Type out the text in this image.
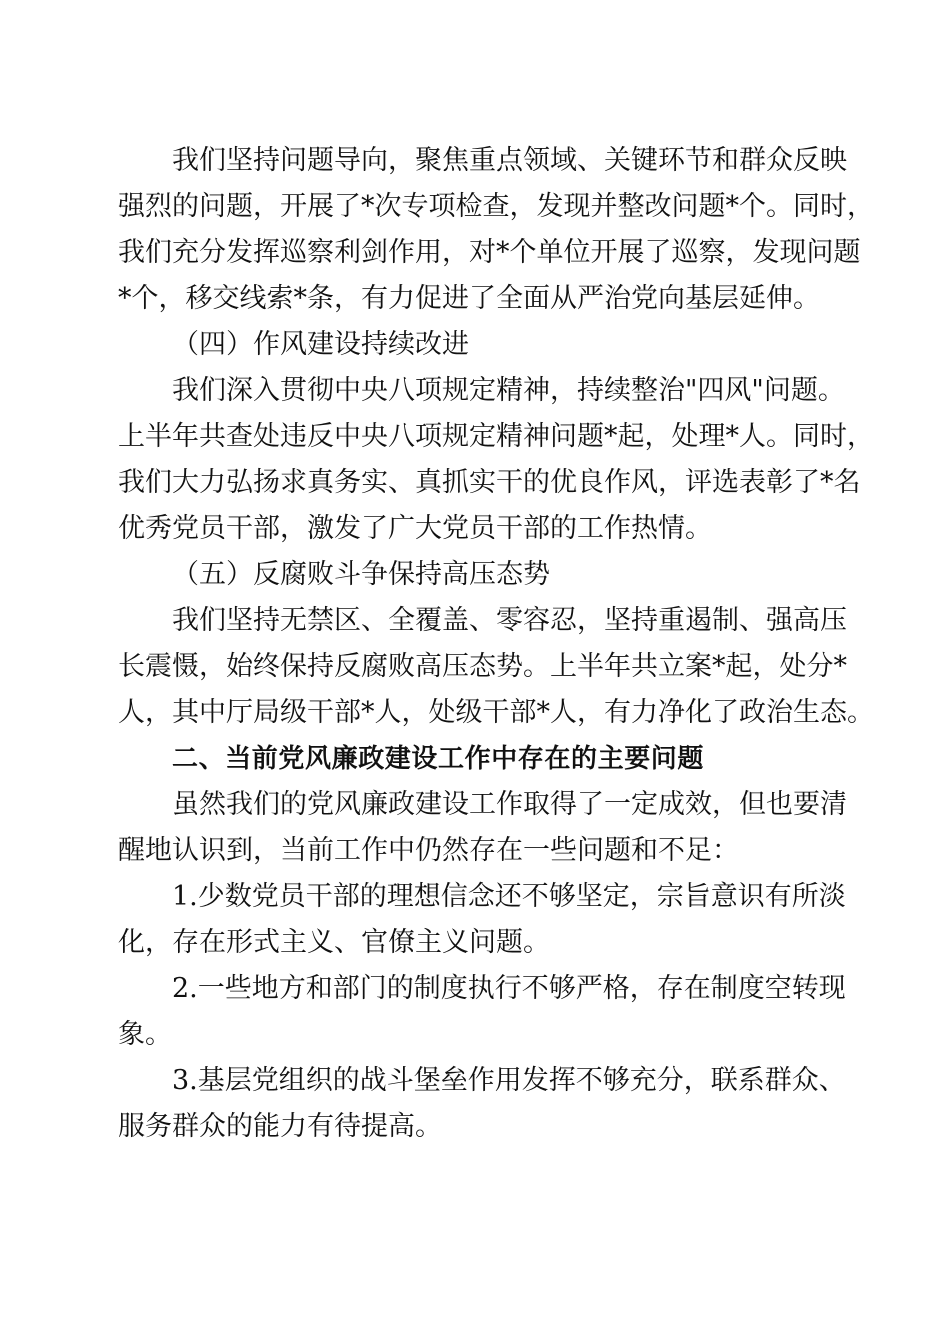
我们坚持问题导向，聚焦重点领域、关键环节和群众反映
强烈的问题，开展了*次专项检查，发现并整改问题*个。同时，
我们充分发挥巡察利剑作用，对*个单位开展了巡察，发现问题
*个，移交线索*条，有力促进了全面从严治党向基层延伸。
（四）作风建设持续改进
我们深入贯彻中央八项规定精神，持续整治"四风"问题。
上半年共查处违反中央八项规定精神问题*起，处理*人。同时，
我们大力弘扬求真务实、真抓实干的优良作风，评选表彰了*名
优秀党员干部，激发了广大党员干部的工作热情。
（五）反腐败斗争保持高压态势
我们坚持无禁区、全覆盖、零容忍，坚持重遏制、强高压
长震慑，始终保持反腐败高压态势。上半年共立案*起，处分*
人，其中厅局级干部*人，处级干部*人，有力净化了政治生态。
二、当前党风廉政建设工作中存在的主要问题
虽然我们的党风廉政建设工作取得了一定成效，但也要清
醒地认识到，当前工作中仍然存在一些问题和不足：
1.少数党员干部的理想信念还不够坚定，宗旨意识有所淡
化，存在形式主义、官僚主义问题。
2.一些地方和部门的制度执行不够严格，存在制度空转现
象。
3.基层党组织的战斗堡垒作用发挥不够充分，联系群众、
服务群众的能力有待提高。
